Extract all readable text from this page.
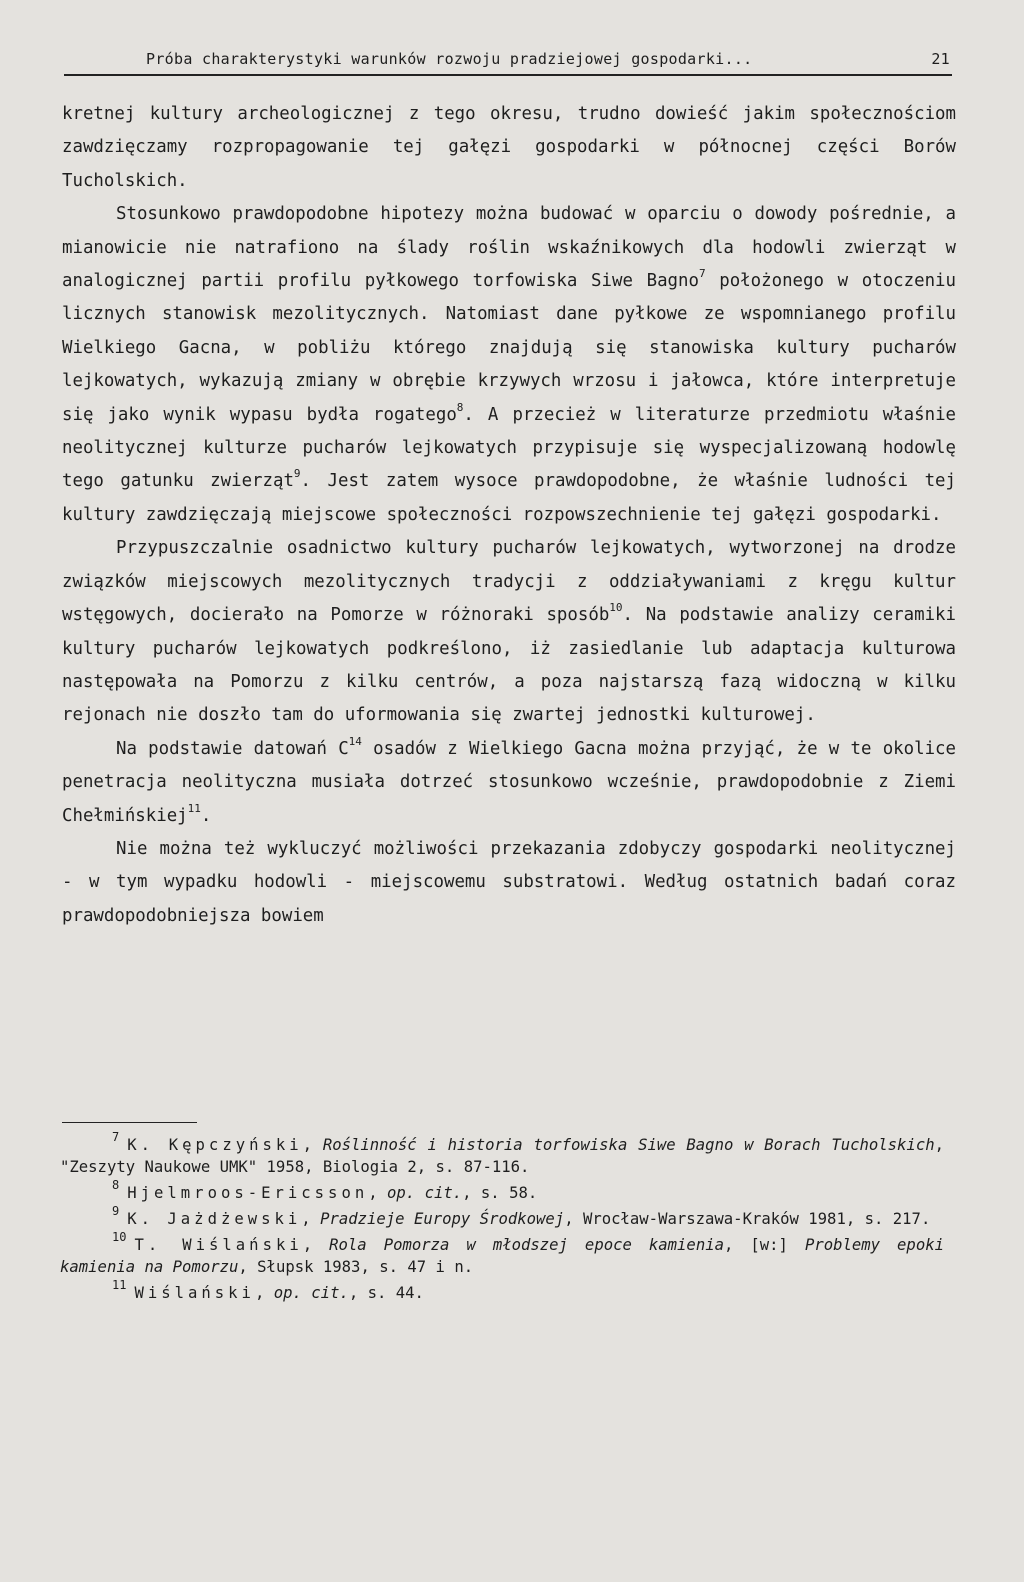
Próba charakterystyki warunków rozwoju pradziejowej gospodarki...	21

kretnej kultury archeologicznej z tego okresu, trudno dowieść jakim społecznościom zawdzięczamy rozpropagowanie tej gałęzi gospodarki w północnej części Borów Tucholskich.

Stosunkowo prawdopodobne hipotezy można budować w oparciu o dowody pośrednie, a mianowicie nie natrafiono na ślady roślin wskaźnikowych dla hodowli zwierząt w analogicznej partii profilu pyłkowego torfowiska Siwe Bagno$^7$ położonego w otoczeniu licznych stanowisk mezolitycznych. Natomiast dane pyłkowe ze wspomnianego profilu Wielkiego Gacna, w pobliżu którego znajdują się stanowiska kultury pucharów lejkowatych, wykazują zmiany w obrębie krzywych wrzosu i jałowca, które interpretuje się jako wynik wypasu bydła rogatego$^8$. A przecież w literaturze przedmiotu właśnie neolitycznej kulturze pucharów lejkowatych przypisuje się wyspecjalizowaną hodowlę tego gatunku zwierząt$^9$. Jest zatem wysoce prawdopodobne, że właśnie ludności tej kultury zawdzięczają miejscowe społeczności rozpowszechnienie tej gałęzi gospodarki.

Przypuszczalnie osadnictwo kultury pucharów lejkowatych, wytworzonej na drodze związków miejscowych mezolitycznych tradycji z oddziaływaniami z kręgu kultur wstęgowych, docierało na Pomorze w różnoraki sposób$^{10}$. Na podstawie analizy ceramiki kultury pucharów lejkowatych podkreślono, iż zasiedlanie lub adaptacja kulturowa następowała na Pomorzu z kilku centrów, a poza najstarszą fazą widoczną w kilku rejonach nie doszło tam do uformowania się zwartej jednostki kulturowej.

Na podstawie datowań $C^{14}$ osadów z Wielkiego Gacna można przyjąć, że w te okolice penetracja neolityczna musiała dotrzeć stosunkowo wcześnie, prawdopodobnie z Ziemi Chełmińskiej$^{11}$.

Nie można też wykluczyć możliwości przekazania zdobyczy gospodarki neolitycznej - w tym wypadku hodowli - miejscowemu substratowi. Według ostatnich badań coraz prawdopodobniejsza bowiem

7 K. Kępczyński, Roślinność i historia torfowiska Siwe Bagno w Borach Tucholskich, "Zeszyty Naukowe UMK" 1958, Biologia 2, s. 87-116.

8 Hjelmroos-Ericsson, op. cit., s. 58.

9 K. Jażdżewski, Pradzieje Europy Środkowej, Wrocław-Warszawa-Kraków 1981, s. 217.

10 T. Wiślański, Rola Pomorza w młodszej epoce kamienia, [w:] Problemy epoki kamienia na Pomorzu, Słupsk 1983, s. 47 i n.

11 Wiślański, op. cit., s. 44.
